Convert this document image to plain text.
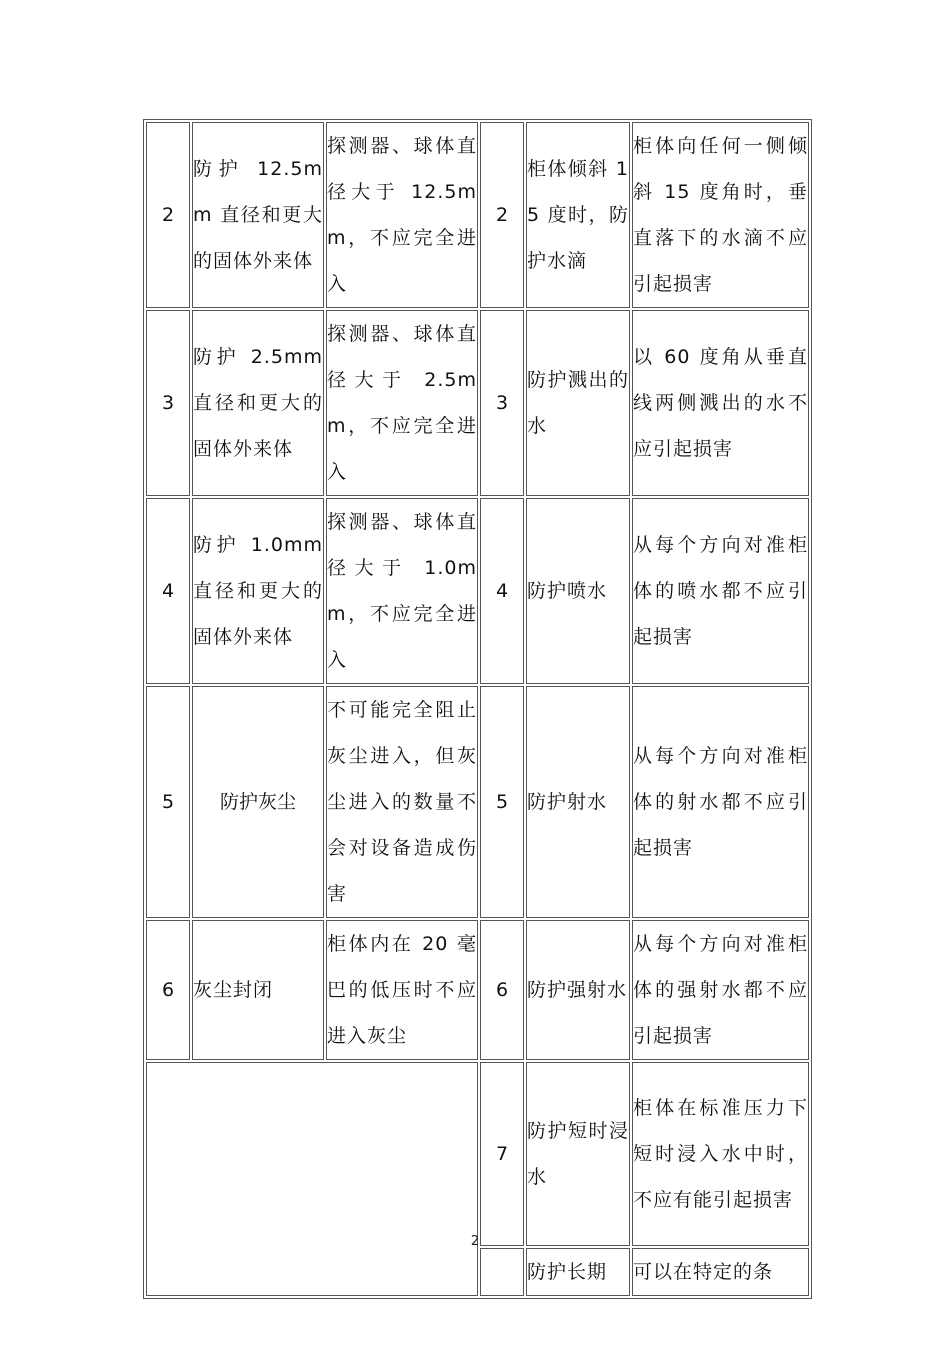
2	防护 12.5mm 直径和更大的固体外来体	探测器、球体直径大于 12.5mm，不应完全进入	2	柜体倾斜 15 度时，防护水滴	柜体向任何一侧倾斜 15 度角时，垂直落下的水滴不应引起损害
3	防护 2.5mm直径和更大的固体外来体	探测器、球体直径大于 2.5mm，不应完全进入	3	防护溅出的水	以 60 度角从垂直线两侧溅出的水不应引起损害
4	防护 1.0mm直径和更大的固体外来体	探测器、球体直径大于 1.0mm，不应完全进入	4	防护喷水	从每个方向对准柜体的喷水都不应引起损害
5	防护灰尘	不可能完全阻止灰尘进入，但灰尘进入的数量不会对设备造成伤害	5	防护射水	从每个方向对准柜体的射水都不应引起损害
6	灰尘封闭	柜体内在 20 毫巴的低压时不应进入灰尘	6	防护强射水	从每个方向对准柜体的强射水都不应引起损害
			7	防护短时浸水	柜体在标准压力下短时浸入水中时，不应有能引起损害
				防护长期	可以在特定的条
2
